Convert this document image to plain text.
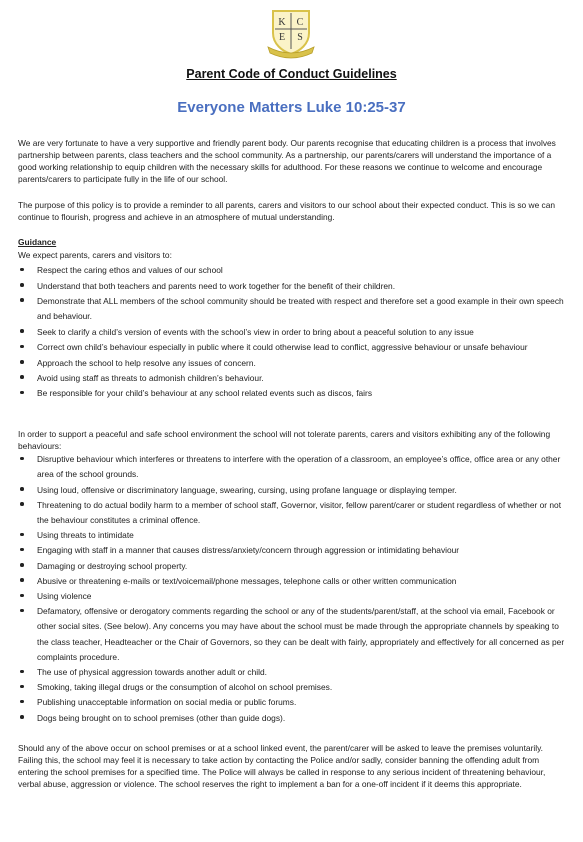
K C
E S
Parent Code of Conduct Guidelines
Everyone Matters Luke 10:25-37

We are very fortunate to have a very supportive and friendly parent body. Our parents recognise that educating children is a process that involves partnership between parents, class teachers and the school community. As a partnership, our parents/carers will understand the importance of a good working relationship to equip children with the necessary skills for adulthood. For these reasons we continue to welcome and encourage parents/carers to participate fully in the life of our school.

The purpose of this policy is to provide a reminder to all parents, carers and visitors to our school about their expected conduct. This is so we can continue to flourish, progress and achieve in an atmosphere of mutual understanding.

Guidance

We expect parents, carers and visitors to:

Respect the caring ethos and values of our school
Understand that both teachers and parents need to work together for the benefit of their children.
Demonstrate that ALL members of the school community should be treated with respect and therefore set a good example in their own speech and behaviour.
Seek to clarify a child’s version of events with the school’s view in order to bring about a peaceful solution to any issue
Correct own child’s behaviour especially in public where it could otherwise lead to conflict, aggressive behaviour or unsafe behaviour
Approach the school to help resolve any issues of concern.
Avoid using staff as threats to admonish children’s behaviour.
Be responsible for your child’s behaviour at any school related events such as discos, fairs

In order to support a peaceful and safe school environment the school will not tolerate parents, carers and visitors exhibiting any of the following behaviours:

Disruptive behaviour which interferes or threatens to interfere with the operation of a classroom, an employee’s office, office area or any other area of the school grounds.
Using loud, offensive or discriminatory language, swearing, cursing, using profane language or displaying temper.
Threatening to do actual bodily harm to a member of school staff, Governor, visitor, fellow parent/carer or student regardless of whether or not the behaviour constitutes a criminal offence.
Using threats to intimidate
Engaging with staff in a manner that causes distress/anxiety/concern through aggression or intimidating behaviour
Damaging or destroying school property.
Abusive or threatening e-mails or text/voicemail/phone messages, telephone calls or other written communication
Using violence
Defamatory, offensive or derogatory comments regarding the school or any of the students/parent/staff, at the school via email, Facebook or other social sites. (See below). Any concerns you may have about the school must be made through the appropriate channels by speaking to the class teacher, Headteacher or the Chair of Governors, so they can be dealt with fairly, appropriately and effectively for all concerned as per complaints procedure.
The use of physical aggression towards another adult or child.
Smoking, taking illegal drugs or the consumption of alcohol on school premises.
Publishing unacceptable information on social media or public forums.
Dogs being brought on to school premises (other than guide dogs).

Should any of the above occur on school premises or at a school linked event, the parent/carer will be asked to leave the premises voluntarily. Failing this, the school may feel it is necessary to take action by contacting the Police and/or sadly, consider banning the offending adult from entering the school premises for a specified time. The Police will always be called in response to any serious incident of threatening behaviour, verbal abuse, aggression or violence. The school reserves the right to implement a ban for a one-off incident if it deems this appropriate.
